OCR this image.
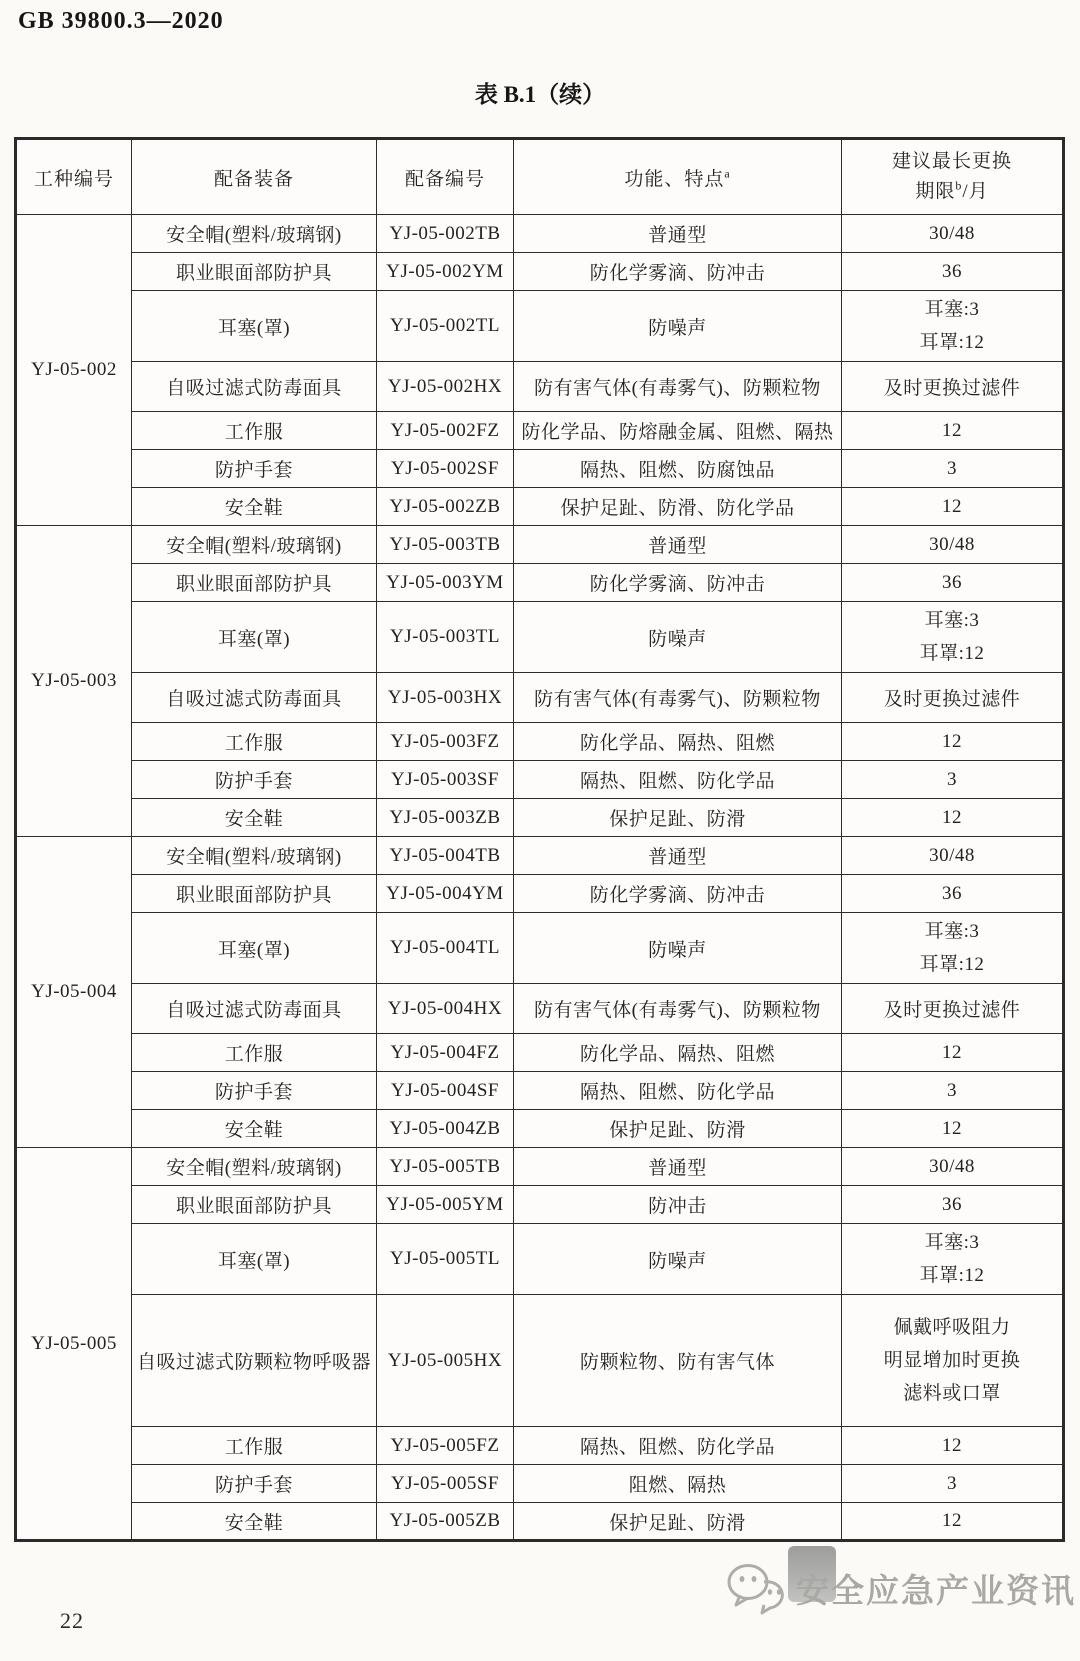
GB 39800.3—2020
表 B.1（续）
工种编号	配备装备	配备编号	功能、特点$^a$	建议最长更换
期限$^b$/月

YJ-05-002	安全帽(塑料/玻璃钢)	YJ-05-002TB	普通型	30/48
	职业眼面部防护具	YJ-05-002YM	防化学雾滴、防冲击	36
	耳塞(罩)	YJ-05-002TL	防噪声	耳塞:3
耳罩:12

	自吸过滤式防毒面具	YJ-05-002HX	防有害气体(有毒雾气)、防颗粒物	及时更换过滤件
	工作服	YJ-05-002FZ	防化学品、防熔融金属、阻燃、隔热	12
	防护手套	YJ-05-002SF	隔热、阻燃、防腐蚀品	3
	安全鞋	YJ-05-002ZB	保护足趾、防滑、防化学品	12
YJ-05-003	安全帽(塑料/玻璃钢)	YJ-05-003TB	普通型	30/48
	职业眼面部防护具	YJ-05-003YM	防化学雾滴、防冲击	36
	耳塞(罩)	YJ-05-003TL	防噪声	耳塞:3
耳罩:12

	自吸过滤式防毒面具	YJ-05-003HX	防有害气体(有毒雾气)、防颗粒物	及时更换过滤件
	工作服	YJ-05-003FZ	防化学品、隔热、阻燃	12
	防护手套	YJ-05-003SF	隔热、阻燃、防化学品	3
	安全鞋	YJ-05-003ZB	保护足趾、防滑	12
YJ-05-004	安全帽(塑料/玻璃钢)	YJ-05-004TB	普通型	30/48
	职业眼面部防护具	YJ-05-004YM	防化学雾滴、防冲击	36
	耳塞(罩)	YJ-05-004TL	防噪声	耳塞:3
耳罩:12

	自吸过滤式防毒面具	YJ-05-004HX	防有害气体(有毒雾气)、防颗粒物	及时更换过滤件
	工作服	YJ-05-004FZ	防化学品、隔热、阻燃	12
	防护手套	YJ-05-004SF	隔热、阻燃、防化学品	3
	安全鞋	YJ-05-004ZB	保护足趾、防滑	12
YJ-05-005	安全帽(塑料/玻璃钢)	YJ-05-005TB	普通型	30/48
	职业眼面部防护具	YJ-05-005YM	防冲击	36
	耳塞(罩)	YJ-05-005TL	防噪声	耳塞:3
耳罩:12

	自吸过滤式防颗粒物呼吸器	YJ-05-005HX	防颗粒物、防有害气体	佩戴呼吸阻力
明显增加时更换
滤料或口罩

	工作服	YJ-05-005FZ	隔热、阻燃、防化学品	12
	防护手套	YJ-05-005SF	阻燃、隔热	3
	安全鞋	YJ-05-005ZB	保护足趾、防滑	12
22
安全应急产业资讯
